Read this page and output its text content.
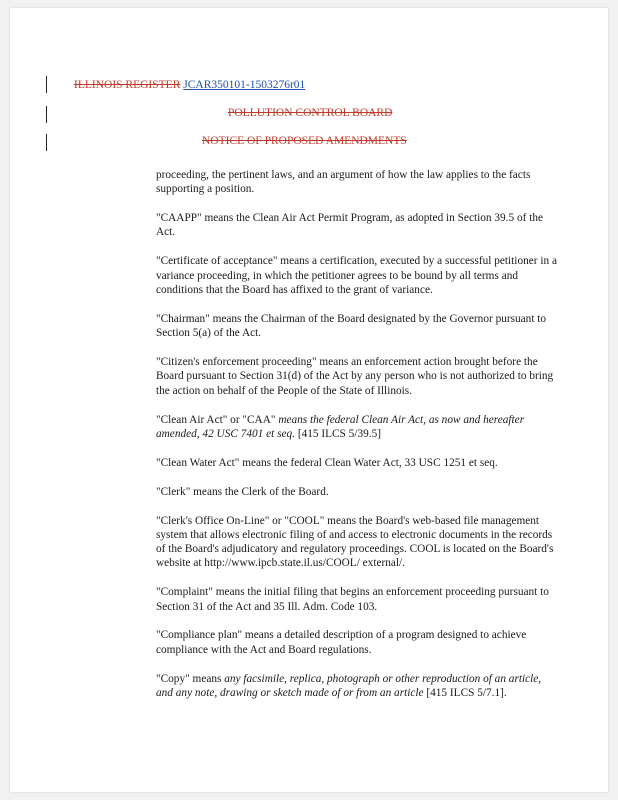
ILLINOIS REGISTER JCAR350101-1503276r01
POLLUTION CONTROL BOARD
NOTICE OF PROPOSED AMENDMENTS

proceeding, the pertinent laws, and an argument of how the law applies to the facts supporting a position.

"CAAPP" means the Clean Air Act Permit Program, as adopted in Section 39.5 of the Act.

"Certificate of acceptance" means a certification, executed by a successful petitioner in a variance proceeding, in which the petitioner agrees to be bound by all terms and conditions that the Board has affixed to the grant of variance.

"Chairman" means the Chairman of the Board designated by the Governor pursuant to Section 5(a) of the Act.

"Citizen's enforcement proceeding" means an enforcement action brought before the Board pursuant to Section 31(d) of the Act by any person who is not authorized to bring the action on behalf of the People of the State of Illinois.

"Clean Air Act" or "CAA" means the federal Clean Air Act, as now and hereafter amended, 42 USC 7401 et seq. [415 ILCS 5/39.5]

"Clean Water Act" means the federal Clean Water Act, 33 USC 1251 et seq.

"Clerk" means the Clerk of the Board.

"Clerk's Office On-Line" or "COOL" means the Board's web-based file management system that allows electronic filing of and access to electronic documents in the records of the Board's adjudicatory and regulatory proceedings. COOL is located on the Board's website at http://www.ipcb.state.il.us/COOL/ external/.

"Complaint" means the initial filing that begins an enforcement proceeding pursuant to Section 31 of the Act and 35 Ill. Adm. Code 103.

"Compliance plan" means a detailed description of a program designed to achieve compliance with the Act and Board regulations.

"Copy" means any facsimile, replica, photograph or other reproduction of an article, and any note, drawing or sketch made of or from an article [415 ILCS 5/7.1].
